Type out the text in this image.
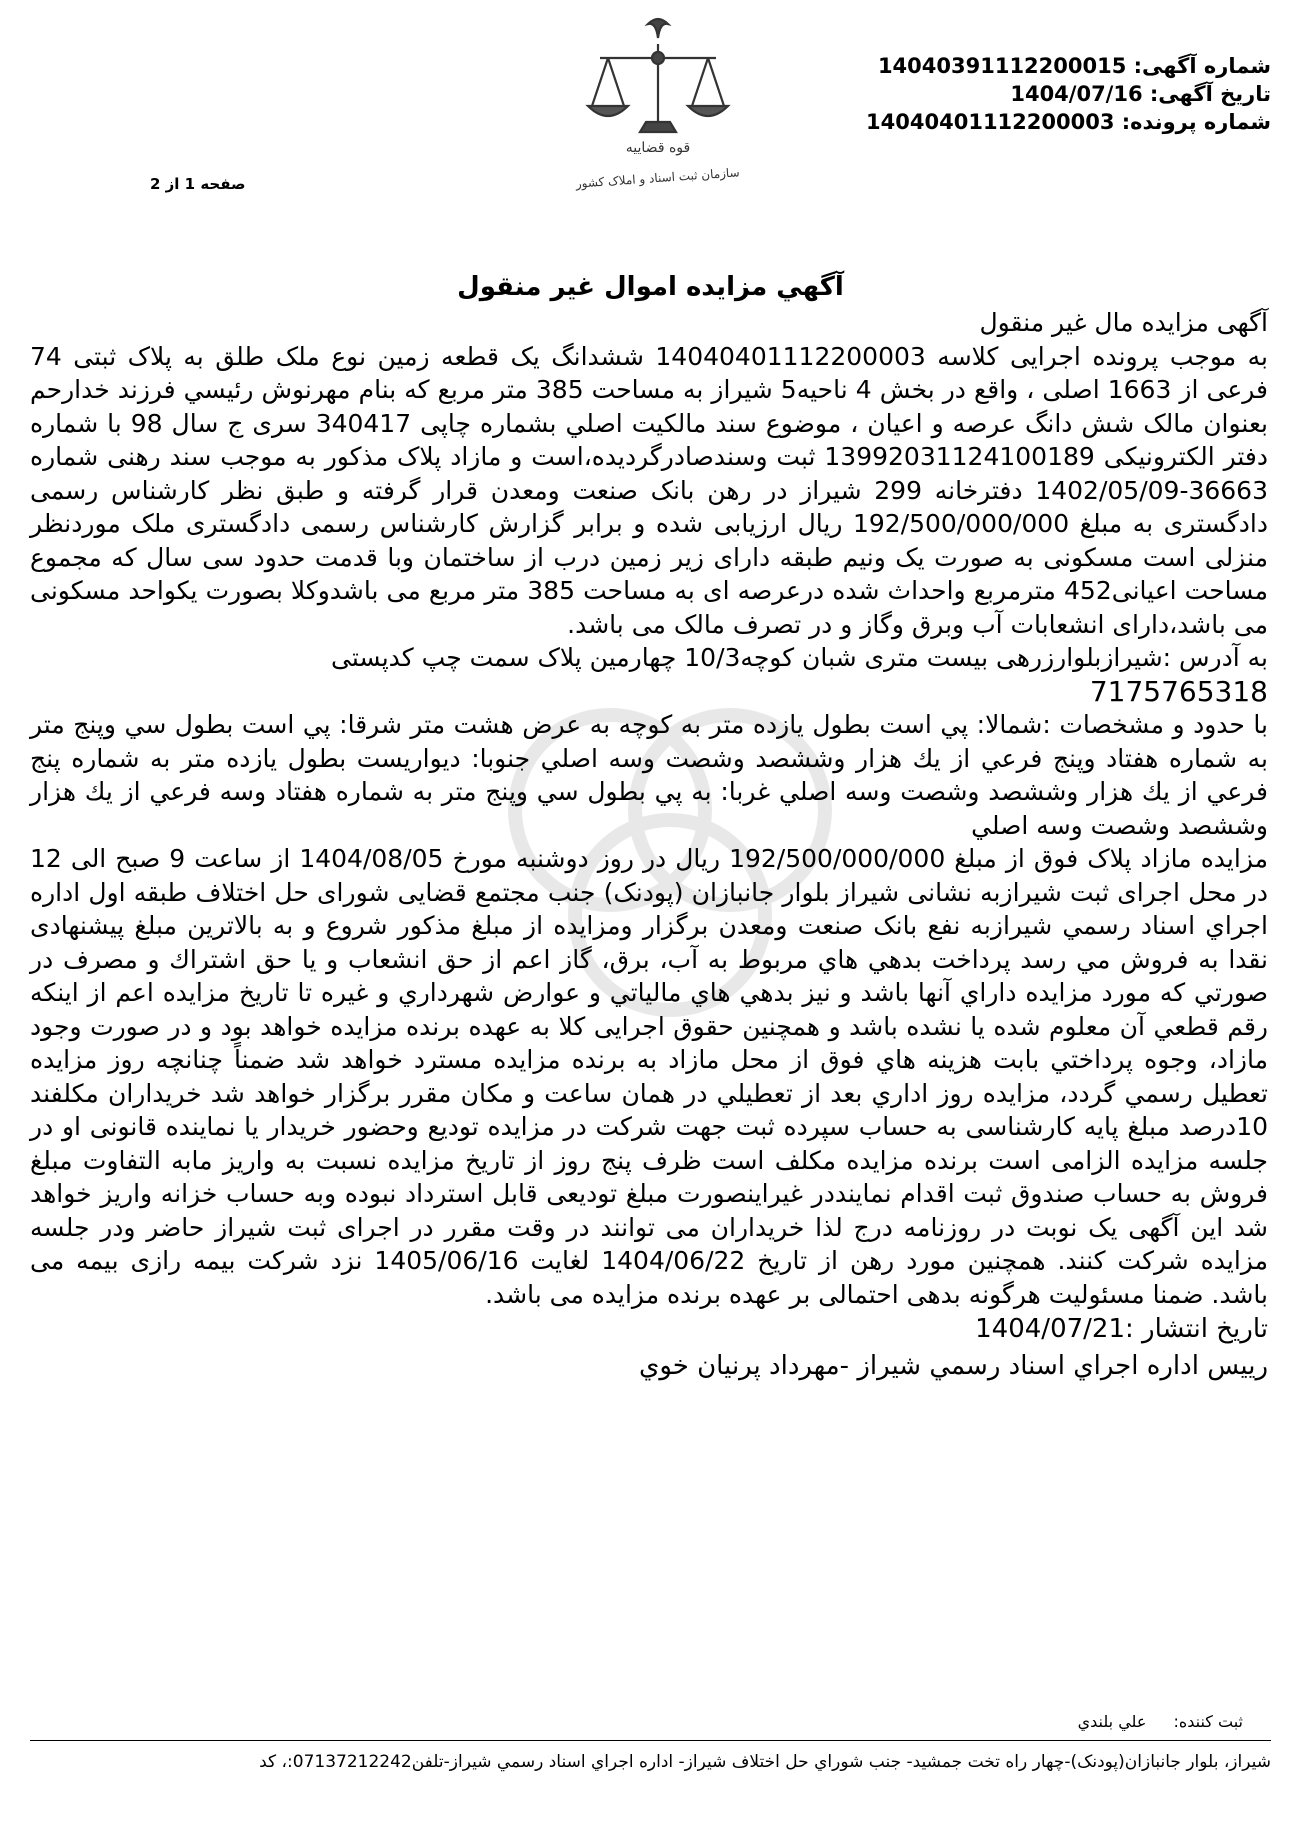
شماره آگهی: 14040391112200015
تاریخ آگهی: 1404/07/16
شماره پرونده: 14040401112200003
قوه قضاییه
سازمان ثبت اسناد و املاک کشور
صفحه 1 از 2
آگهي مزايده اموال غير منقول

آگهی مزایده مال غیر منقول

به موجب پرونده اجرایی کلاسه 14040401112200003 ششدانگ یک قطعه زمین نوع ملک طلق به پلاک ثبتی 74 فرعی از 1663 اصلی ، واقع در بخش 4 ناحیه5 شیراز به مساحت 385 متر مربع که بنام مهرنوش رئیسي فرزند خدارحم بعنوان مالک شش دانگ عرصه و اعیان ، موضوع سند مالکیت اصلي بشماره چاپی 340417 سری ج سال 98 با شماره دفتر الکترونیکی 13992031124100189 ثبت وسندصادرگردیده،است و مازاد پلاک مذکور به موجب سند رهنی شماره 36663-1402/05/09 دفترخانه 299 شیراز در رهن بانک صنعت ومعدن قرار گرفته و طبق نظر کارشناس رسمی دادگستری به مبلغ 192/500/000/000 ریال ارزیابی شده و برابر گزارش کارشناس رسمی دادگستری ملک موردنظر منزلی است مسکونی به صورت یک ونیم طبقه دارای زیر زمین درب از ساختمان وبا قدمت حدود سی سال که مجموع مساحت اعیانی452 مترمربع واحداث شده درعرصه ای به مساحت 385 متر مربع می باشدوکلا بصورت یکواحد مسکونی می باشد،دارای انشعابات آب وبرق وگاز و در تصرف مالک می باشد.

به آدرس :شیرازبلوارزرهی بیست متری شبان کوچه10/3 چهارمین پلاک سمت چپ کدپستی

7175765318

با حدود و مشخصات :شمالا: پي است بطول يازده متر به كوچه به عرض هشت متر شرقا: پي است بطول سي وپنج متر به شماره هفتاد وپنج فرعي از يك هزار وششصد وشصت وسه اصلي جنوبا: ديواريست بطول يازده متر به شماره پنج فرعي از يك هزار وششصد وشصت وسه اصلي غربا: به پي بطول سي وپنج متر به شماره هفتاد وسه فرعي از يك هزار وششصد وشصت وسه اصلي

مزایده مازاد پلاک فوق از مبلغ 192/500/000/000 ریال در روز دوشنبه مورخ 1404/08/05 از ساعت 9 صبح الی 12 در محل اجرای ثبت شیرازبه نشانی شیراز بلوار جانبازان (پودنک) جنب مجتمع قضایی شورای حل اختلاف طبقه اول اداره اجراي اسناد رسمي شيرازبه نفع بانک صنعت ومعدن برگزار ومزايده از مبلغ مذكور شروع و به بالاترين مبلغ پيشنهادی نقدا به فروش مي رسد پرداخت بدهي هاي مربوط به آب، برق، گاز اعم از حق انشعاب و يا حق اشتراك و مصرف در صورتي كه مورد مزايده داراي آنها باشد و نيز بدهي هاي مالياتي و عوارض شهرداري و غيره تا تاريخ مزايده اعم از اينكه رقم قطعي آن معلوم شده يا نشده باشد و همچنین حقوق اجرایی کلا به عهده برنده مزايده خواهد بود و در صورت وجود مازاد، وجوه پرداختي بابت هزينه هاي فوق از محل مازاد به برنده مزايده مسترد خواهد شد ضمناً چنانچه روز مزايده تعطيل رسمي گردد، مزايده روز اداري بعد از تعطيلي در همان ساعت و مكان مقرر برگزار خواهد شد خریداران مکلفند 10درصد مبلغ پایه کارشناسی به حساب سپرده ثبت جهت شرکت در مزایده تودیع وحضور خریدار یا نماینده قانونی او در جلسه مزایده الزامی است برنده مزایده مکلف است ظرف پنج روز از تاریخ مزایده نسبت به واریز مابه التفاوت مبلغ فروش به حساب صندوق ثبت اقدام نمایندد‌ر غیراینصورت مبلغ تودیعی قابل استرداد نبوده وبه حساب خزانه واریز خواهد شد این آگهی یک نوبت در روزنامه درج لذا خریداران می توانند در وقت مقرر در اجرای ثبت شیراز حاضر ودر جلسه مزایده شرکت کنند. همچنین مورد رهن از تاریخ 1404/06/22 لغایت 1405/06/16 نزد شرکت بیمه رازی بیمه می باشد. ضمنا مسئولیت هرگونه بدهی احتمالی بر عهده برنده مزایده می باشد.

تاریخ انتشار :1404/07/21

رييس اداره اجراي اسناد رسمي شيراز -مهرداد پرنيان خوي

ثبت کننده: علي بلندي
شیراز، بلوار جانبازان(پودنک)-چهار راه تخت جمشید- جنب شوراي حل اختلاف شیراز- اداره اجراي اسناد رسمي شیراز-تلفن07137212242:، کد
